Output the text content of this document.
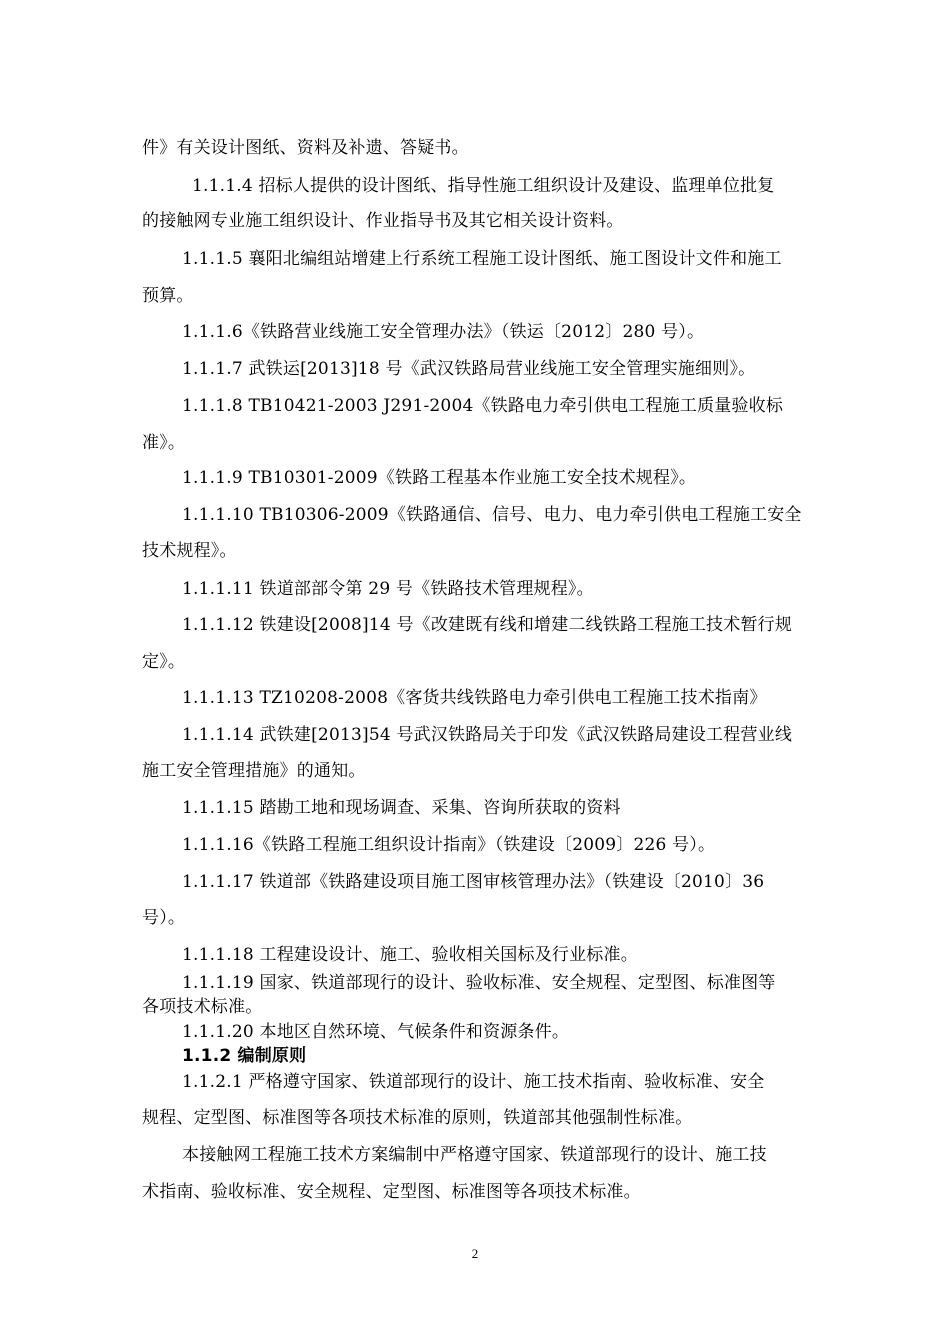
件》有关设计图纸、资料及补遗、答疑书。
1.1.1.4 招标人提供的设计图纸、指导性施工组织设计及建设、监理单位批复
的接触网专业施工组织设计、作业指导书及其它相关设计资料。
1.1.1.5 襄阳北编组站增建上行系统工程施工设计图纸、施工图设计文件和施工
预算。
1.1.1.6《铁路营业线施工安全管理办法》（铁运〔2012〕280 号）。
1.1.1.7 武铁运[2013]18 号《武汉铁路局营业线施工安全管理实施细则》。
1.1.1.8 TB10421-2003 J291-2004《铁路电力牵引供电工程施工质量验收标
准》。
1.1.1.9 TB10301-2009《铁路工程基本作业施工安全技术规程》。
1.1.1.10 TB10306-2009《铁路通信、信号、电力、电力牵引供电工程施工安全
技术规程》。
1.1.1.11 铁道部部令第 29 号《铁路技术管理规程》。
1.1.1.12 铁建设[2008]14 号《改建既有线和增建二线铁路工程施工技术暂行规
定》。
1.1.1.13 TZ10208-2008《客货共线铁路电力牵引供电工程施工技术指南》
1.1.1.14 武铁建[2013]54 号武汉铁路局关于印发《武汉铁路局建设工程营业线
施工安全管理措施》的通知。
1.1.1.15 踏勘工地和现场调查、采集、咨询所获取的资料
1.1.1.16《铁路工程施工组织设计指南》（铁建设〔2009〕226 号）。
1.1.1.17 铁道部《铁路建设项目施工图审核管理办法》（铁建设〔2010〕36
号）。
1.1.1.18 工程建设设计、施工、验收相关国标及行业标准。
1.1.1.19 国家、铁道部现行的设计、验收标准、安全规程、定型图、标准图等
各项技术标准。
1.1.1.20 本地区自然环境、气候条件和资源条件。
1.1.2 编制原则
1.1.2.1 严格遵守国家、铁道部现行的设计、施工技术指南、验收标准、安全
规程、定型图、标准图等各项技术标准的原则，铁道部其他强制性标准。
本接触网工程施工技术方案编制中严格遵守国家、铁道部现行的设计、施工技
术指南、验收标准、安全规程、定型图、标准图等各项技术标准。
2
